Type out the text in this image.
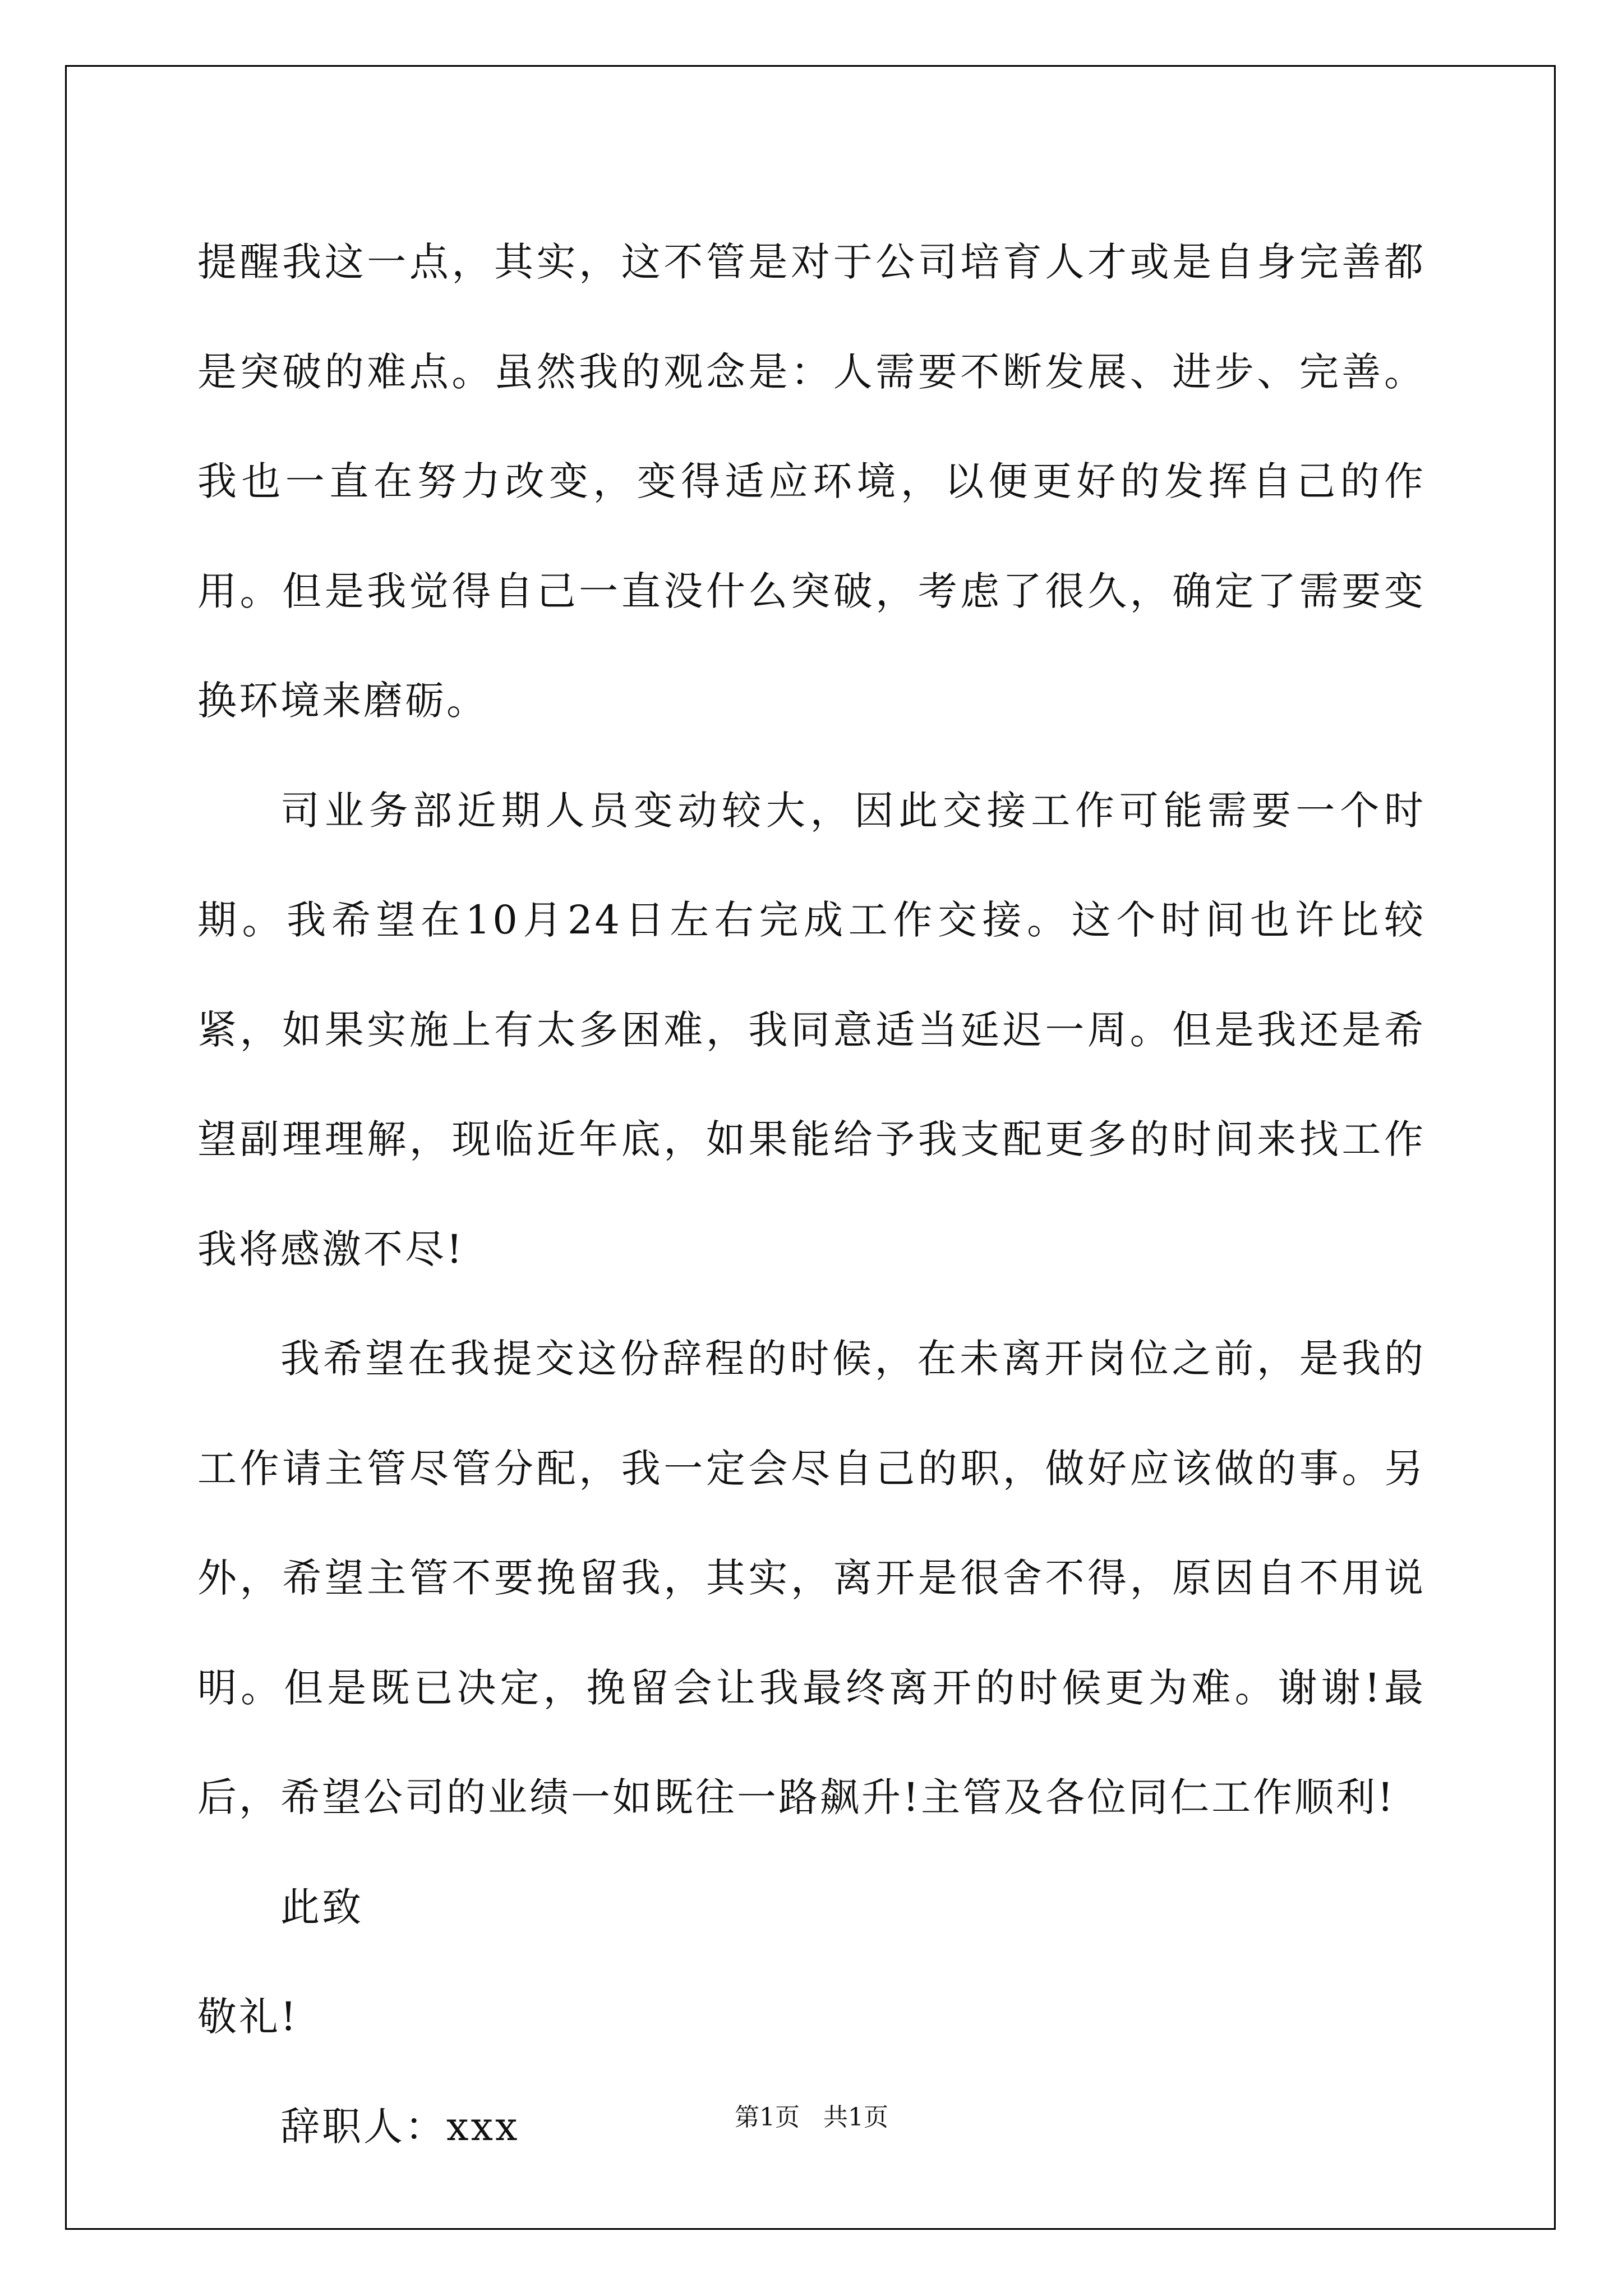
提醒我这一点，其实，这不管是对于公司培育人才或是自身完善都是突破的难点。虽然我的观念是：人需要不断发展、进步、完善。我也一直在努力改变，变得适应环境，以便更好的发挥自己的作用。但是我觉得自己一直没什么突破，考虑了很久，确定了需要变换环境来磨砺。

司业务部近期人员变动较大，因此交接工作可能需要一个时期。我希望在10月24日左右完成工作交接。这个时间也许比较紧，如果实施上有太多困难，我同意适当延迟一周。但是我还是希望副理理解，现临近年底，如果能给予我支配更多的时间来找工作我将感激不尽!

我希望在我提交这份辞程的时候，在未离开岗位之前，是我的工作请主管尽管分配，我一定会尽自己的职，做好应该做的事。另外，希望主管不要挽留我，其实，离开是很舍不得，原因自不用说明。但是既已决定，挽留会让我最终离开的时候更为难。谢谢!最后，希望公司的业绩一如既往一路飙升!主管及各位同仁工作顺利!

此致

敬礼!

辞职人：xxx	第1页 共1页
